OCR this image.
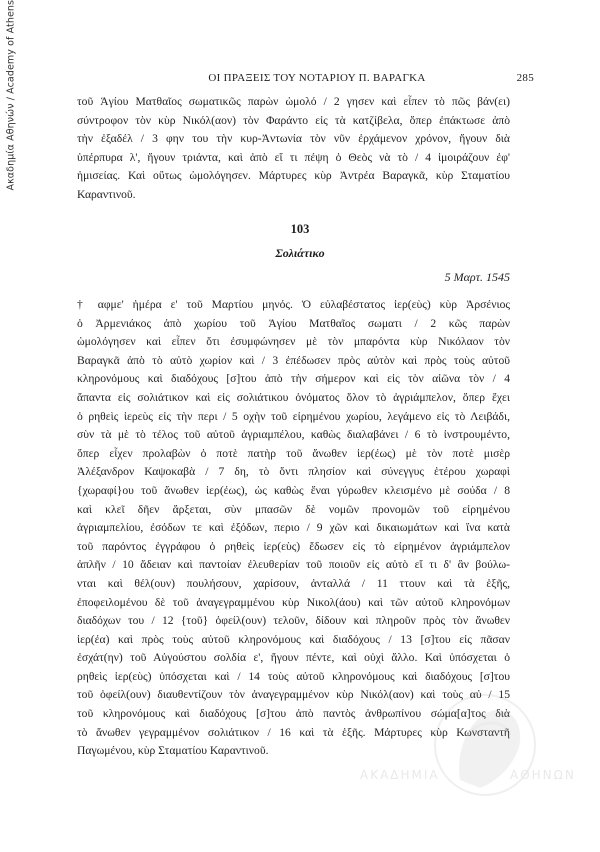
Ακαδημία Αθηνών / Academy of Athens	ΟΙ ΠΡΑΞΕΙΣ ΤΟΥ ΝΟΤΑΡΙΟΥ Π. ΒΑΡΑΓΚΑ	285
τοῦ Ἁγίου Ματθαῖος σωματικῶς παρὼν ὡμολό / 2 γησεν καὶ εἶπεν τὸ πῶς βάν(ει)
σύντροφον τὸν κὺρ Νικόλ(αον) τὸν Φαράντο εἰς τὰ κατζίβελα, ὅπερ ἐπάκτωσε ἀπὸ
τὴν ἐξαδέλ / 3 φην του τὴν κυρ-Ἀντωνία τὸν νῦν ἐρχάμενον χρόνον, ἤγουν διὰ
ὑπέρπυρα λ', ἤγουν τριάντα, καὶ ἀπὸ εἴ τι πέψη ὁ Θεὸς νὰ τὸ / 4 ἰμοιράζουν ἐφ'
ἡμισείας. Καὶ οὕτως ὡμολόγησεν. Μάρτυρες κὺρ Ἀντρέα Βαραγκᾶ, κὺρ Σταματίου
Καραντινοῦ.
103
Σολιάτικο
5 Μαρτ. 1545
† αφμε' ἡμέρα ε' τοῦ Μαρτίου μηνός. Ὁ εὐλαβέστατος ἱερ(εὺς) κὺρ Ἀρσένιος
ὁ Ἀρμενιάκος ἀπὸ χωρίου τοῦ Ἁγίου Ματθαῖος σωματι / 2 κῶς παρὼν
ὡμολόγησεν καὶ εἶπεν ὅτι ἐσυμφώνησεν μὲ τὸν μπαρόντα κὺρ Νικόλαον τὸν
Βαραγκᾶ ἀπὸ τὸ αὐτὸ χωρίον καὶ / 3 ἐπέδωσεν πρὸς αὐτὸν καὶ πρὸς τοὺς αὐτοῦ
κληρονόμους καὶ διαδόχους [σ]του ἀπὸ τὴν σήμερον καὶ εἰς τὸν αἰῶνα τὸν / 4
ἅπαντα εἰς σολιάτικον καὶ εἰς σολιάτικου ὀνόματος ὅλον τὸ ἀγριάμπελον, ὅπερ ἔχει
ὁ ρηθεὶς ἱερεὺς εἰς τὴν περι / 5 οχὴν τοῦ εἰρημένου χωρίου, λεγάμενο εἰς τὸ Λειβάδι,
σὺν τὰ μὲ τὸ τέλος τοῦ αὐτοῦ ἀγριαμπέλου, καθὼς διαλαβάνει / 6 τὸ ἰνστρουμέντο,
ὅπερ εἶχεν προλαβὼν ὁ ποτὲ πατὴρ τοῦ ἄνωθεν ἱερ(έως) μὲ τὸν ποτὲ μισὲρ
Ἀλέξανδρον Καψοκαβὰ / 7 δη, τὸ ὄντι πλησίον καὶ σύνεγγυς ἑτέρου χωραφὶ
{χωραφί}ου τοῦ ἄνωθεν ἱερ(έως), ὡς καθὼς ἔναι γύρωθεν κλεισμένο μὲ σούδα / 8
καὶ κλεῖ δῆεν ἄρξεται, σὺν μπασῶν δὲ νομῶν προνομῶν τοῦ εἰρημένου
ἀγριαμπελίου, ἐσόδων τε καὶ ἐξόδων, περιο / 9 χῶν καὶ δικαιωμάτων καὶ ἵνα κατὰ
τοῦ παρόντος ἐγγράφου ὁ ρηθεὶς ἱερ(εὺς) ἔδωσεν εἰς τὸ εἰρημένον ἀγριάμπελον
ἀπλῆν / 10 ἄδειαν καὶ παντοίαν ἐλευθερίαν τοῦ ποιοῦν εἰς αὐτὸ εἴ τι δ' ἂν βούλω-
νται καὶ θέλ(ουν) πουλήσουν, χαρίσουν, ἀνταλλά / 11 ττουν καὶ τὰ ἑξῆς,
ἐποφειλομένου δὲ τοῦ ἀναγεγραμμένου κὺρ Νικολ(άου) καὶ τῶν αὐτοῦ κληρονόμων
διαδόχων του / 12 {τοῦ} ὀφείλ(ουν) τελοῦν, δίδουν καὶ πληροῦν πρὸς τὸν ἄνωθεν
ἱερ(έα) καὶ πρὸς τοὺς αὐτοῦ κληρονόμους καὶ διαδόχους / 13 [σ]του εἰς πᾶσαν
ἐσχάτ(ην) τοῦ Αὐγούστου σολδία ε', ἤγουν πέντε, καὶ οὐχὶ ἄλλο. Καὶ ὑπόσχεται ὁ
ρηθεὶς ἱερ(εὺς) ὑπόσχεται καὶ / 14 τοὺς αὐτοῦ κληρονόμους καὶ διαδόχους [σ]του
τοῦ ὀφείλ(ουν) διαυθεντίζουν τὸν ἀναγεγραμμένον κὺρ Νικόλ(αον) καὶ τοὺς αὐ / 15
τοῦ κληρονόμους καὶ διαδόχους [σ]του ἀπὸ παντὸς ἀνθρωπίνου σώμα[α]τος διὰ
τὸ ἄνωθεν γεγραμμένον σολιάτικον / 16 καὶ τὰ ἑξῆς. Μάρτυρες κὺρ Κωνσταντῆ
Παγωμένου, κὺρ Σταματίου Καραντινοῦ.
ΑΚΑΔΗΜΙΑ	ΑΘΗΝΩΝ
